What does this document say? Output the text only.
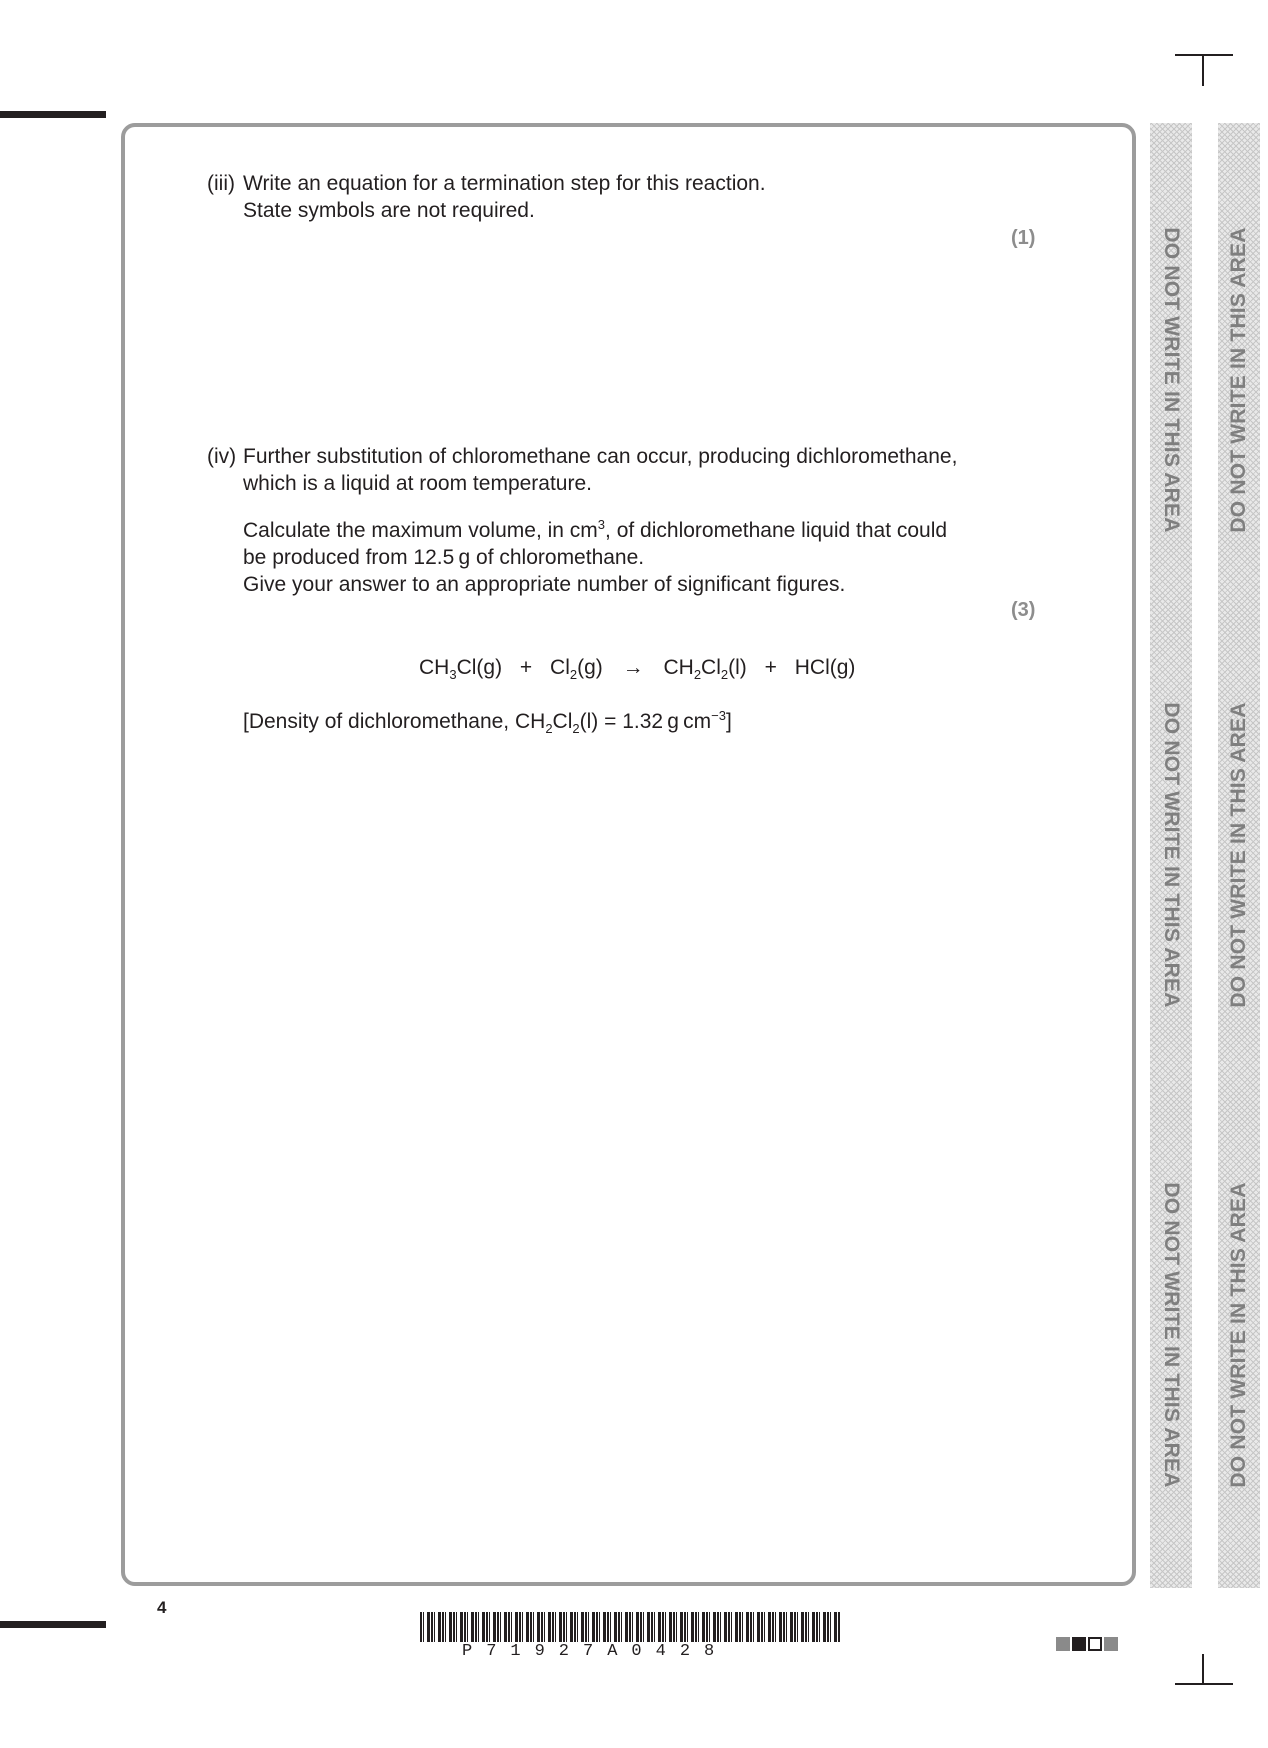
(iii) Write an equation for a termination step for this reaction.
State symbols are not required.
(1)
(iv) Further substitution of chloromethane can occur, producing dichloromethane,
which is a liquid at room temperature.
Calculate the maximum volume, in $cm^3$, of dichloromethane liquid that could
be produced from 12.5 g of chloromethane.
Give your answer to an appropriate number of significant figures.
(3)
$CH_3Cl(g) + Cl_2(g) \to CH_2Cl_2(l) + HCl(g)$
[Density of dichloromethane, $CH_2Cl_2(l) = 1.32$ g $cm^{-3}$]
DO NOT WRITE IN THIS AREA
DO NOT WRITE IN THIS AREA
DO NOT WRITE IN THIS AREA
DO NOT WRITE IN THIS AREA
DO NOT WRITE IN THIS AREA
DO NOT WRITE IN THIS AREA
4
P71927A0428
